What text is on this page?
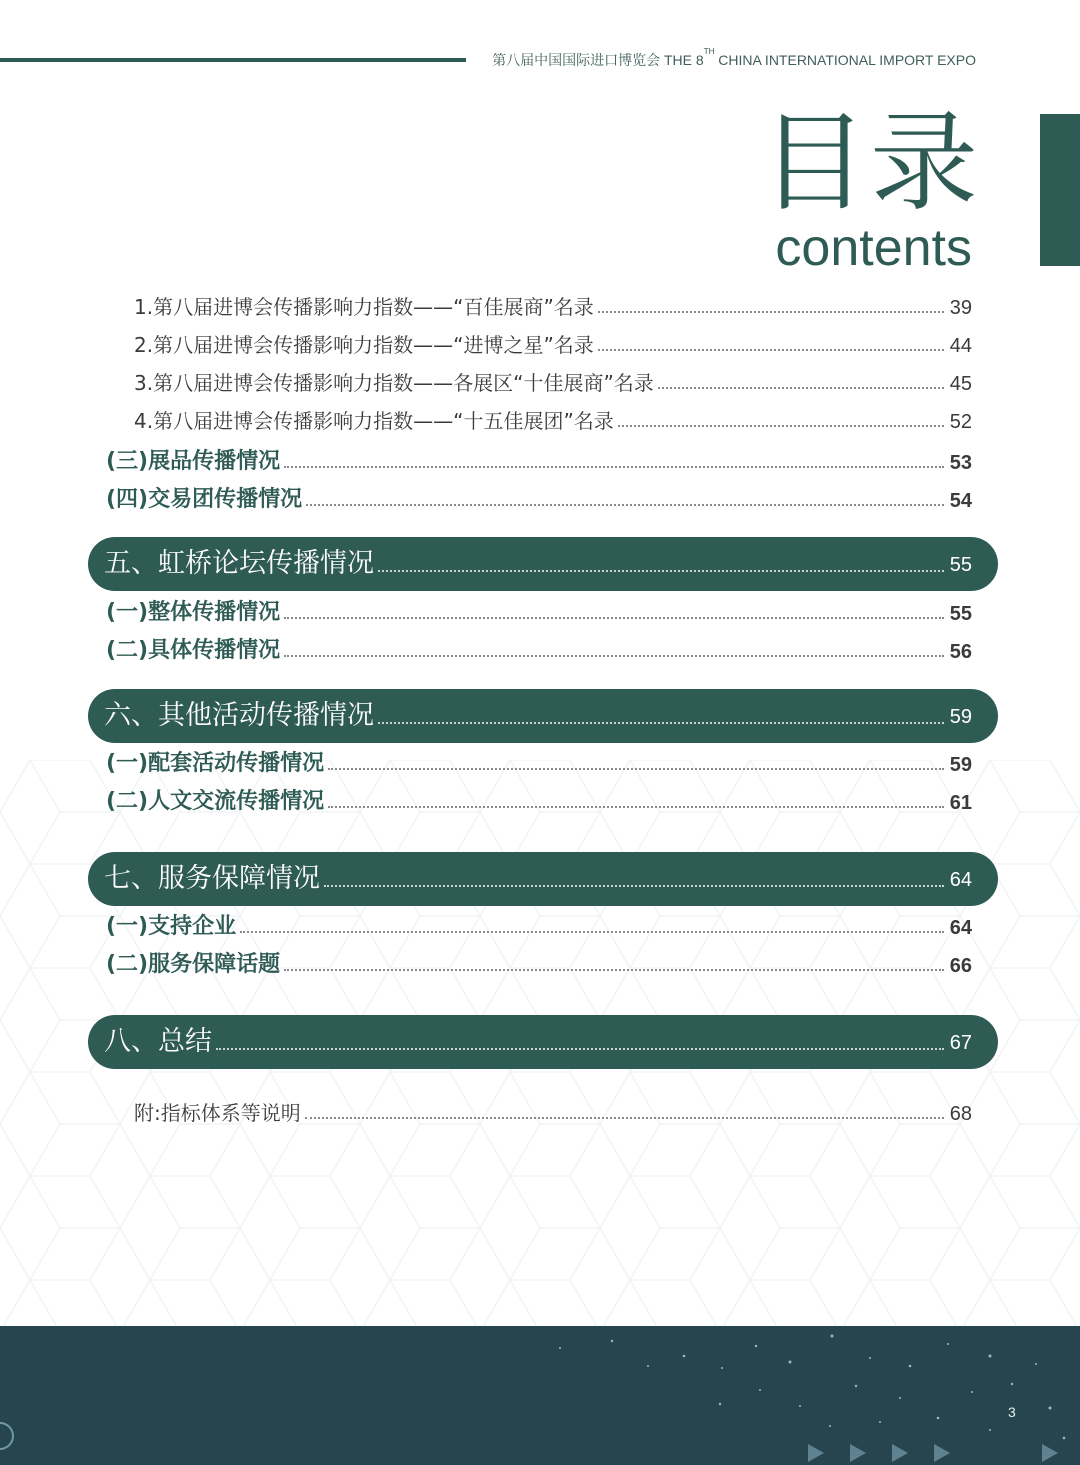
第八届中国国际进口博览会 THE 8TH CHINA INTERNATIONAL IMPORT EXPO
目录
contents
1.第八届进博会传播影响力指数——“百佳展商”名录	39
2.第八届进博会传播影响力指数——“进博之星”名录	44
3.第八届进博会传播影响力指数——各展区“十佳展商”名录	45
4.第八届进博会传播影响力指数——“十五佳展团”名录	52
(三)展品传播情况	53
(四)交易团传播情况	54
五、虹桥论坛传播情况	55
(一)整体传播情况	55
(二)具体传播情况	56
六、其他活动传播情况	59
(一)配套活动传播情况	59
(二)人文交流传播情况	61
七、服务保障情况	64
(一)支持企业	64
(二)服务保障话题	66
八、总结	67
附:指标体系等说明	68
3
